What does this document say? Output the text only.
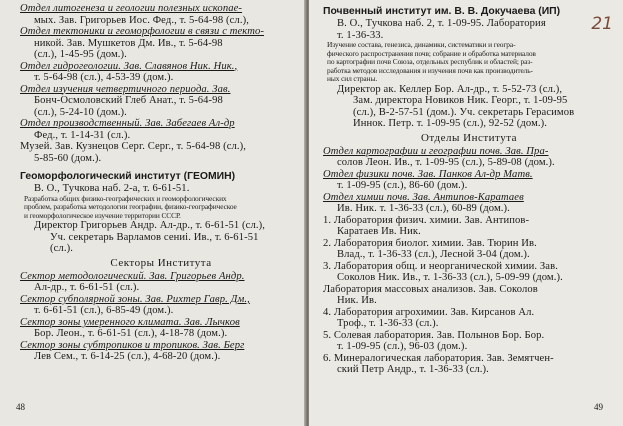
Отдел литогенеза и геологии полезных ископае-
мых. Зав. Григорьев Иос. Фед., т. 5-64-98 (сл.),
Отдел тектоники и геоморфологии в связи с текто-
никой. Зав. Мушкетов Дм. Ив., т. 5-64-98
(сл.), 1-45-95 (дом.).
Отдел гидрогеологии. Зав. Славянов Ник. Ник.,
т. 5-64-98 (сл.), 4-53-39 (дом.).
Отдел изучения четвертичного периода. Зав.
Бонч-Осмоловский Глеб Анат., т. 5-64-98
(сл.), 5-24-10 (дом.).
Отдел производственный. Зав. Забегаев Ал-др
Фед., т. 1-14-31 (сл.).
Музей. Зав. Кузнецов Серг. Серг., т. 5-64-98 (сл.),
5-85-60 (дом.).
Геоморфологический институт (ГЕОМИН)
В. О., Тучкова наб. 2-а, т. 6-61-51.
Разработка общих физико-географических и геоморфологических
проблем, разработка методологии географии, физико-географическое
и геоморфологическое изучение территории СССР.
Директор Григорьев Андр. Ал-др., т. 6-61-51 (сл.),
Уч. секретарь Варламов сениі. Ив., т. 6-61-51
(сл.).
Секторы Института
Сектор методологический. Зав. Григорьев Андр.
Ал-др., т. 6-61-51 (сл.).
Сектор субполярной зоны. Зав. Рихтер Гавр. Дм.,
т. 6-61-51 (сл.), 6-85-49 (дом.).
Сектор зоны умеренного климата. Зав. Лычков
Бор. Леон., т. 6-61-51 (сл.), 4-18-78 (дом.).
Сектор зоны субтропиков и тропиков. Зав. Берг
Лев Сем., т. 6-14-25 (сл.), 4-68-20 (дом.).
48
Почвенный институт им. В. В. Докучаева (ИП)
В. О., Тучкова наб. 2, т. 1-09-95. Лаборатория
т. 1-36-33.
Изучение состава, генезиса, динамики, систематики и геогра-
фического распространения почв; собрание и обработка материалов
по картографии почв Союза, отдельных республик и областей; раз-
работка методов исследования и изучения почв как производитель-
ных сил страны.
Директор ак. Келлер Бор. Ал-др., т. 5-52-73 (сл.),
Зам. директора Новиков Ник. Георг., т. 1-09-95
(сл.), В-2-57-51 (дом.). Уч. секретарь Герасимов
Иннок. Петр. т. 1-09-95 (сл.), 92-52 (дом.).
Отделы Института
Отдел картографии и географии почв. Зав. Пра-
солов Леон. Ив., т. 1-09-95 (сл.), 5-89-08 (дом.).
Отдел физики почв. Зав. Панков Ал-др Матв.
т. 1-09-95 (сл.), 86-60 (дом.).
Отдел химии почв. Зав. Антипов-Каратаев
Ив. Ник. т. 1-36-33 (сл.), 60-89 (дом.).
1. Лаборатория физич. химии. Зав. Антипов-
Каратаев Ив. Ник.
2. Лаборатория биолог. химии. Зав. Тюрин Ив.
Влад., т. 1-36-33 (сл.), Лесной 3-04 (дом.).
3. Лаборатория общ. и неорганической химии. Зав.
Соколов Ник. Ив., т. 1-36-33 (сл.), 5-09-99 (дом.).
Лаборатория массовых анализов. Зав. Соколов
Ник. Ив.
4. Лаборатория агрохимии. Зав. Кирсанов Ал.
Троф., т. 1-36-33 (сл.).
5. Солевая лаборатория. Зав. Полынов Бор. Бор.
т. 1-09-95 (сл.), 96-03 (дом.).
6. Минералогическая лаборатория. Зав. Земятчен-
ский Петр Андр., т. 1-36-33 (сл.).
21
49
